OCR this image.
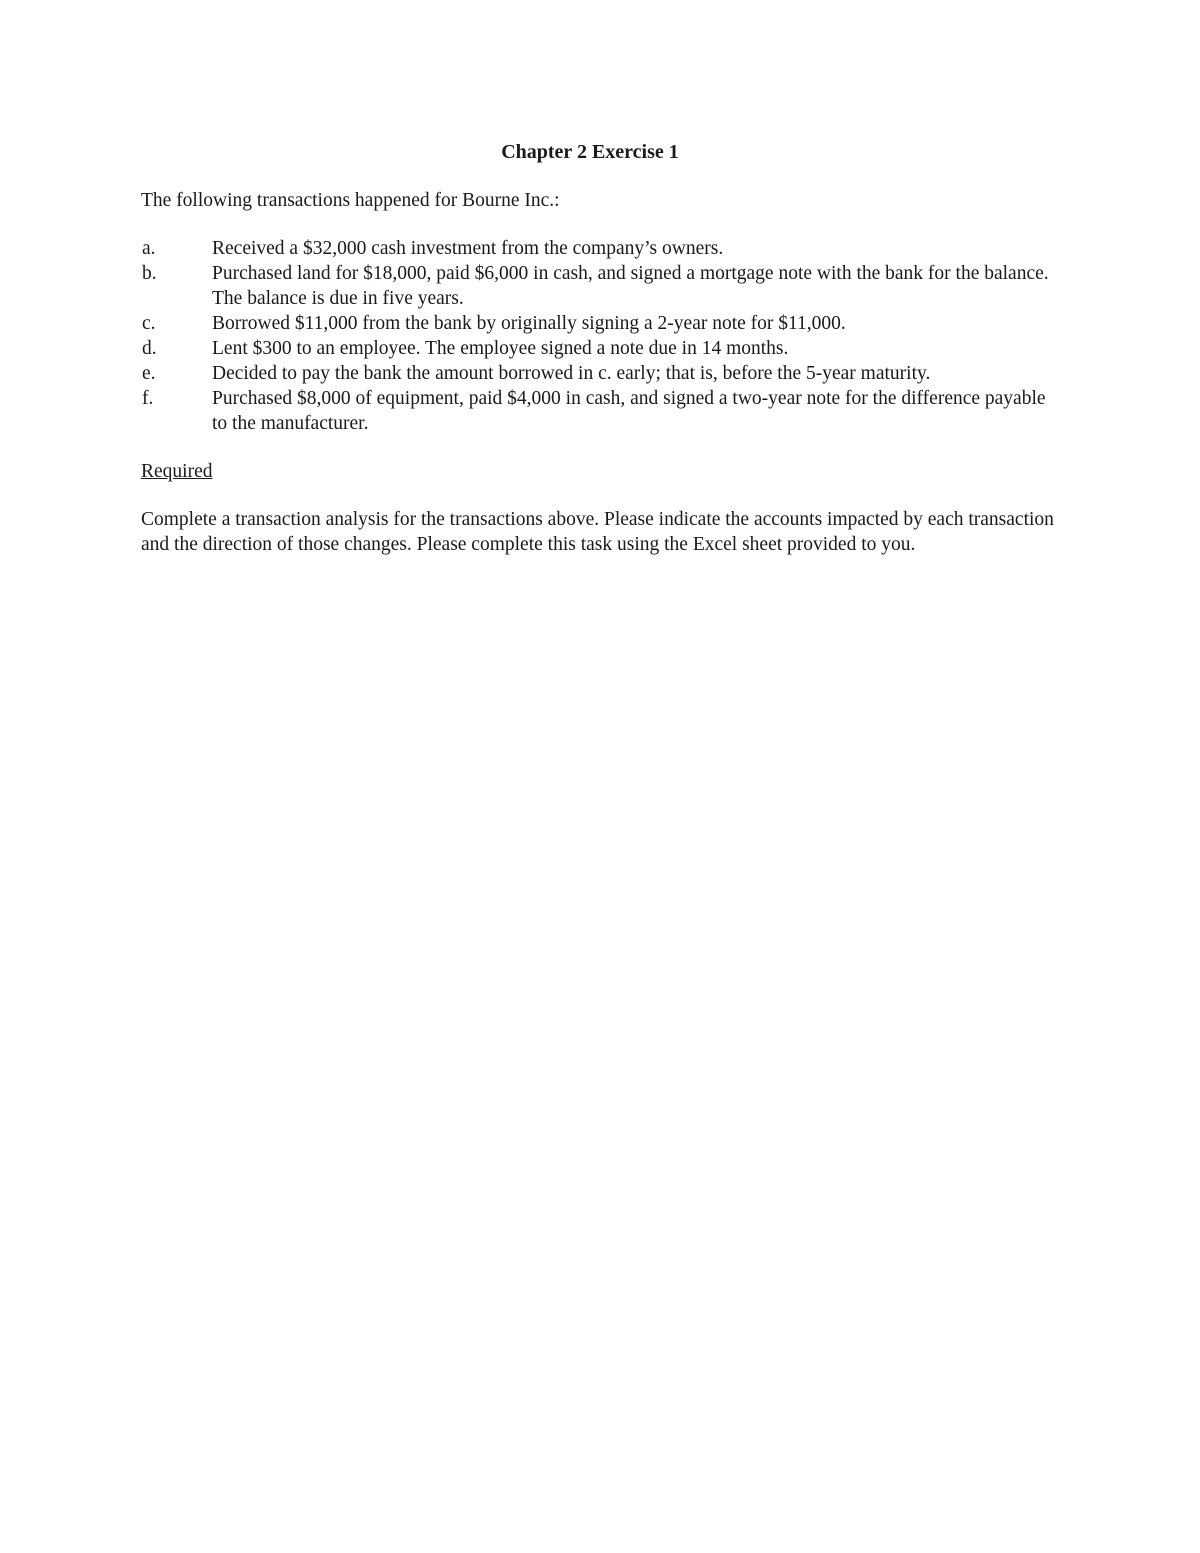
Chapter 2 Exercise 1
The following transactions happened for Bourne Inc.:
a.	Received a $32,000 cash investment from the company’s owners.
b.	Purchased land for $18,000, paid $6,000 in cash, and signed a mortgage note with the bank for the balance. The balance is due in five years.
c.	Borrowed $11,000 from the bank by originally signing a 2-year note for $11,000.
d.	Lent $300 to an employee. The employee signed a note due in 14 months.
e.	Decided to pay the bank the amount borrowed in c. early; that is, before the 5-year maturity.
f.	Purchased $8,000 of equipment, paid $4,000 in cash, and signed a two-year note for the difference payable to the manufacturer.
Required
Complete a transaction analysis for the transactions above. Please indicate the accounts impacted by each transaction and the direction of those changes. Please complete this task using the Excel sheet provided to you.
